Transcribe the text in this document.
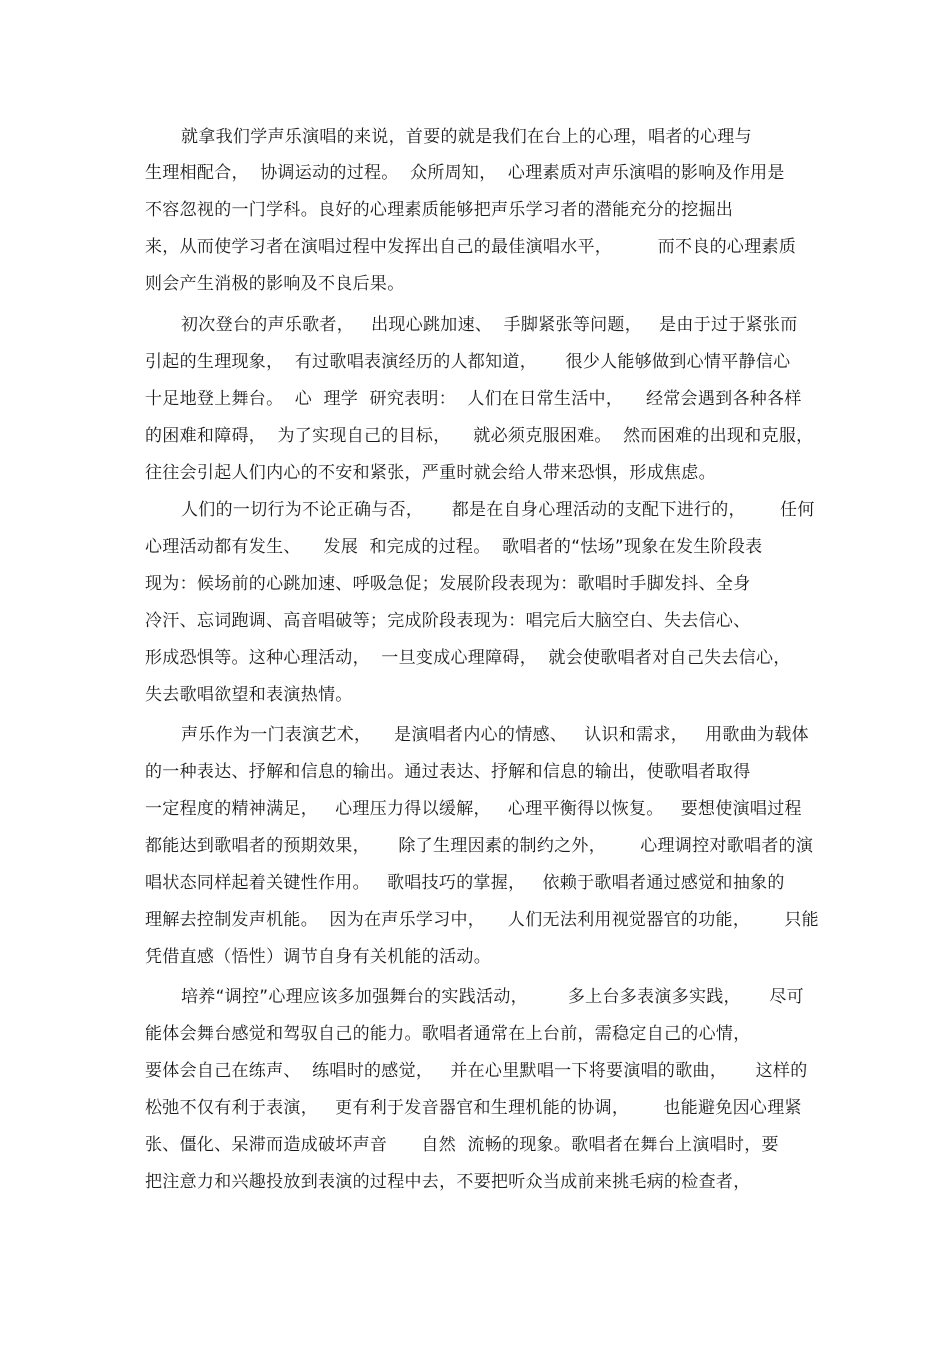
就拿我们学声乐演唱的来说，首要的就是我们在台上的心理，唱者的心理与
生理相配合，  协调运动的过程。  众所周知，  心理素质对声乐演唱的影响及作用是
不容忽视的一门学科。良好的心理素质能够把声乐学习者的潜能充分的挖掘出
来，从而使学习者在演唱过程中发挥出自己的最佳演唱水平，        而不良的心理素质
则会产生消极的影响及不良后果。
初次登台的声乐歌者，   出现心跳加速、  手脚紧张等问题，   是由于过于紧张而
引起的生理现象，  有过歌唱表演经历的人都知道，     很少人能够做到心情平静信心
十足地登上舞台。  心  理学  研究表明：  人们在日常生活中，    经常会遇到各种各样
的困难和障碍，  为了实现自己的目标，    就必须克服困难。  然而困难的出现和克服，
往往会引起人们内心的不安和紧张，严重时就会给人带来恐惧，形成焦虑。
人们的一切行为不论正确与否，     都是在自身心理活动的支配下进行的，      任何
心理活动都有发生、    发展  和完成的过程。  歌唱者的“怯场”现象在发生阶段表
现为：候场前的心跳加速、呼吸急促；发展阶段表现为：歌唱时手脚发抖、全身
冷汗、忘词跑调、高音唱破等；完成阶段表现为：唱完后大脑空白、失去信心、
形成恐惧等。这种心理活动，  一旦变成心理障碍，  就会使歌唱者对自己失去信心，
失去歌唱欲望和表演热情。
声乐作为一门表演艺术，    是演唱者内心的情感、   认识和需求，   用歌曲为载体
的一种表达、抒解和信息的输出。通过表达、抒解和信息的输出，使歌唱者取得
一定程度的精神满足，   心理压力得以缓解，   心理平衡得以恢复。   要想使演唱过程
都能达到歌唱者的预期效果，     除了生理因素的制约之外，      心理调控对歌唱者的演
唱状态同样起着关键性作用。   歌唱技巧的掌握，   依赖于歌唱者通过感觉和抽象的
理解去控制发声机能。  因为在声乐学习中，    人们无法利用视觉器官的功能，      只能
凭借直感（悟性）调节自身有关机能的活动。
培养“调控”心理应该多加强舞台的实践活动，       多上台多表演多实践，     尽可
能体会舞台感觉和驾驭自己的能力。歌唱者通常在上台前，需稳定自己的心情，
要体会自己在练声、  练唱时的感觉，   并在心里默唱一下将要演唱的歌曲，     这样的
松弛不仅有利于表演，   更有利于发音器官和生理机能的协调，      也能避免因心理紧
张、僵化、呆滞而造成破坏声音      自然  流畅的现象。歌唱者在舞台上演唱时，要
把注意力和兴趣投放到表演的过程中去，不要把听众当成前来挑毛病的检查者，
